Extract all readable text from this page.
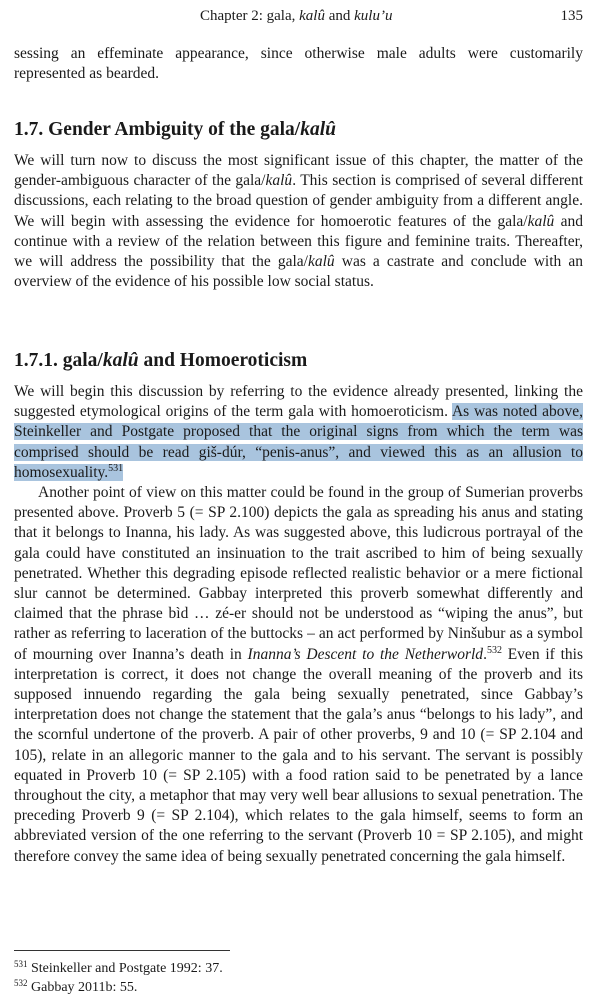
Chapter 2: gala, kalû and kulu’u	135

sessing an effeminate appearance, since otherwise male adults were customarily represented as bearded.

1.7. Gender Ambiguity of the gala/kalû

We will turn now to discuss the most significant issue of this chapter, the matter of the gender-ambiguous character of the gala/kalû. This section is comprised of several different discussions, each relating to the broad question of gender ambiguity from a different angle. We will begin with assessing the evidence for homoerotic features of the gala/kalû and continue with a review of the relation between this figure and feminine traits. Thereafter, we will address the possibility that the gala/kalû was a castrate and conclude with an overview of the evidence of his possible low social status.

1.7.1. gala/kalû and Homoeroticism

We will begin this discussion by referring to the evidence already presented, linking the suggested etymological origins of the term gala with homoeroticism. As was noted above, Steinkeller and Postgate proposed that the original signs from which the term was comprised should be read giš-dúr, “penis-anus”, and viewed this as an allusion to homosexuality.$^{531}$

Another point of view on this matter could be found in the group of Sumerian proverbs presented above. Proverb 5 (= SP 2.100) depicts the gala as spreading his anus and stating that it belongs to Inanna, his lady. As was suggested above, this ludicrous portrayal of the gala could have constituted an insinuation to the trait ascribed to him of being sexually penetrated. Whether this degrading episode reflected realistic behavior or a mere fictional slur cannot be determined. Gabbay interpreted this proverb somewhat differently and claimed that the phrase bìd … zé-er should not be understood as “wiping the anus”, but rather as referring to laceration of the buttocks – an act performed by Ninšubur as a symbol of mourning over Inanna’s death in Inanna’s Descent to the Netherworld.$^{532}$ Even if this interpretation is correct, it does not change the overall meaning of the proverb and its supposed innuendo regarding the gala being sexually penetrated, since Gabbay’s interpretation does not change the statement that the gala’s anus “belongs to his lady”, and the scornful undertone of the proverb. A pair of other proverbs, 9 and 10 (= SP 2.104 and 105), relate in an allegoric manner to the gala and to his servant. The servant is possibly equated in Proverb 10 (= SP 2.105) with a food ration said to be penetrated by a lance throughout the city, a metaphor that may very well bear allusions to sexual penetration. The preceding Proverb 9 (= SP 2.104), which relates to the gala himself, seems to form an abbreviated version of the one referring to the servant (Proverb 10 = SP 2.105), and might therefore convey the same idea of being sexually penetrated concerning the gala himself.

$^{531}$ Steinkeller and Postgate 1992: 37.
$^{532}$ Gabbay 2011b: 55.
